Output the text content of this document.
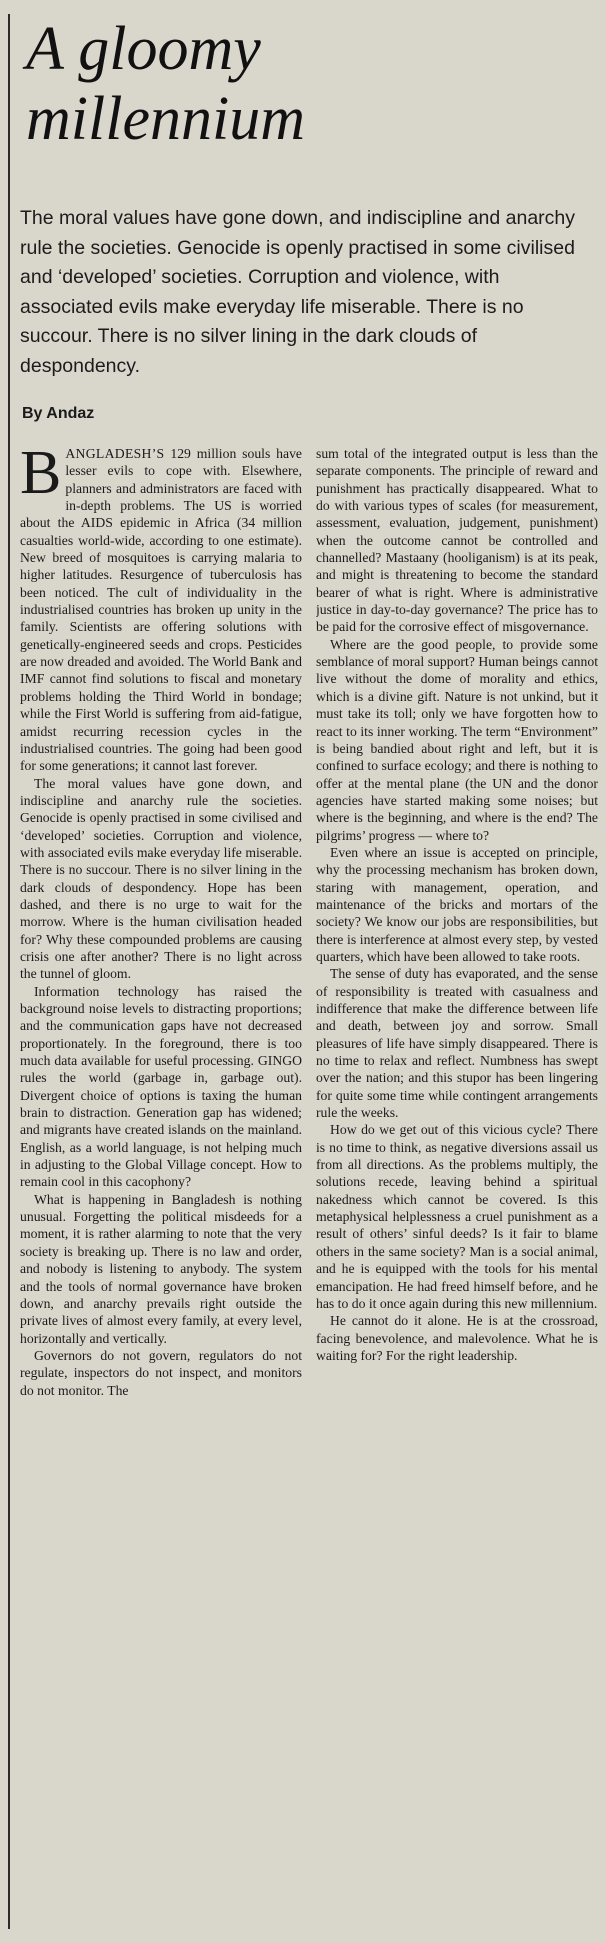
A gloomy
millennium
The moral values have gone down, and indiscipline and anarchy rule the societies. Genocide is openly practised in some civilised and ‘developed’ societies. Corruption and violence, with associated evils make everyday life miserable. There is no succour. There is no silver lining in the dark clouds of despondency.
By Andaz

BANGLADESH’S 129 million souls have lesser evils to cope with. Elsewhere, planners and administrators are faced with in-depth problems. The US is worried about the AIDS epidemic in Africa (34 million casualties world-wide, according to one estimate). New breed of mosquitoes is carrying malaria to higher latitudes. Resurgence of tuberculosis has been noticed. The cult of individuality in the industrialised countries has broken up unity in the family. Scientists are offering solutions with genetically-engineered seeds and crops. Pesticides are now dreaded and avoided. The World Bank and IMF cannot find solutions to fiscal and monetary problems holding the Third World in bondage; while the First World is suffering from aid-fatigue, amidst recurring recession cycles in the industrialised countries. The going had been good for some generations; it cannot last forever.

The moral values have gone down, and indiscipline and anarchy rule the societies. Genocide is openly practised in some civilised and ‘developed’ societies. Corruption and violence, with associated evils make everyday life miserable. There is no succour. There is no silver lining in the dark clouds of despondency. Hope has been dashed, and there is no urge to wait for the morrow. Where is the human civilisation headed for? Why these compounded problems are causing crisis one after another? There is no light across the tunnel of gloom.

Information technology has raised the background noise levels to distracting proportions; and the communication gaps have not decreased proportionately. In the foreground, there is too much data available for useful processing. GINGO rules the world (garbage in, garbage out). Divergent choice of options is taxing the human brain to distraction. Generation gap has widened; and migrants have created islands on the mainland. English, as a world language, is not helping much in adjusting to the Global Village concept. How to remain cool in this cacophony?

What is happening in Bangladesh is nothing unusual. Forgetting the political misdeeds for a moment, it is rather alarming to note that the very society is breaking up. There is no law and order, and nobody is listening to anybody. The system and the tools of normal governance have broken down, and anarchy prevails right outside the private lives of almost every family, at every level, horizontally and vertically.

Governors do not govern, regulators do not regulate, inspectors do not inspect, and monitors do not monitor. The

sum total of the integrated output is less than the separate components. The principle of reward and punishment has practically disappeared. What to do with various types of scales (for measurement, assessment, evaluation, judgement, punishment) when the outcome cannot be controlled and channelled? Mastaany (hooliganism) is at its peak, and might is threatening to become the standard bearer of what is right. Where is administrative justice in day-to-day governance? The price has to be paid for the corrosive effect of misgovernance.

Where are the good people, to provide some semblance of moral support? Human beings cannot live without the dome of morality and ethics, which is a divine gift. Nature is not unkind, but it must take its toll; only we have forgotten how to react to its inner working. The term “Environment” is being bandied about right and left, but it is confined to surface ecology; and there is nothing to offer at the mental plane (the UN and the donor agencies have started making some noises; but where is the beginning, and where is the end? The pilgrims’ progress — where to?

Even where an issue is accepted on principle, why the processing mechanism has broken down, staring with management, operation, and maintenance of the bricks and mortars of the society? We know our jobs are responsibilities, but there is interference at almost every step, by vested quarters, which have been allowed to take roots.

The sense of duty has evaporated, and the sense of responsibility is treated with casualness and indifference that make the difference between life and death, between joy and sorrow. Small pleasures of life have simply disappeared. There is no time to relax and reflect. Numbness has swept over the nation; and this stupor has been lingering for quite some time while contingent arrangements rule the weeks.

How do we get out of this vicious cycle? There is no time to think, as negative diversions assail us from all directions. As the problems multiply, the solutions recede, leaving behind a spiritual nakedness which cannot be covered. Is this metaphysical helplessness a cruel punishment as a result of others’ sinful deeds? Is it fair to blame others in the same society? Man is a social animal, and he is equipped with the tools for his mental emancipation. He had freed himself before, and he has to do it once again during this new millennium.

He cannot do it alone. He is at the crossroad, facing benevolence, and malevolence. What he is waiting for? For the right leadership.
